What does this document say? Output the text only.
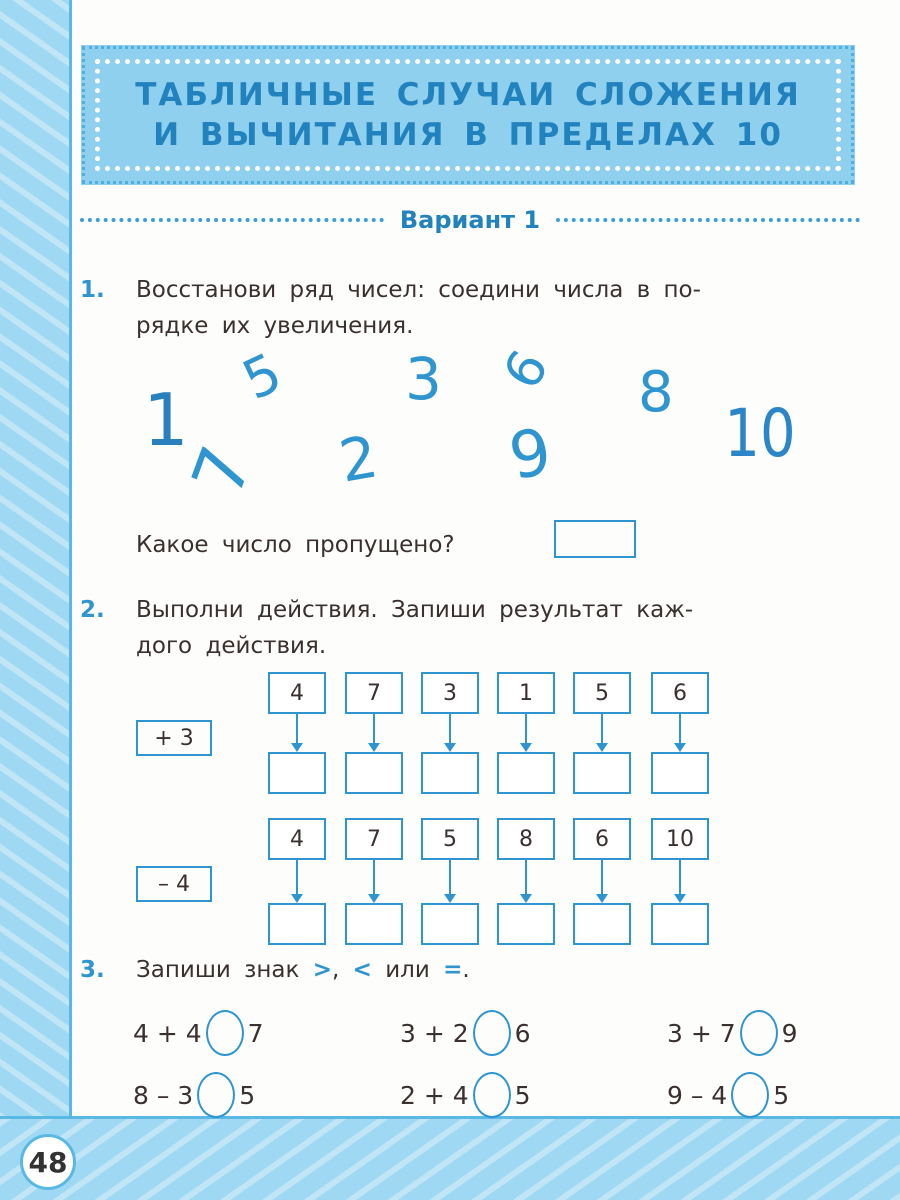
48
ТАБЛИЧНЫЕ СЛУЧАИ СЛОЖЕНИЯ
И ВЫЧИТАНИЯ В ПРЕДЕЛАХ 10
Вариант 1
1. Восстанови ряд чисел: соедини числа в по-
рядке их увеличения.
1
5 3 6 8
10
7 2 9
Какое число пропущено?
2. Выполни действия. Запиши результат каж-
дого действия.
+ 3
– 4
4	7	3	1	5	6
4	7	5	8	6	10
3. Запиши знак >, < или =.
4 + 4 7	3 + 2 6	3 + 7 9
8 – 3 5	2 + 4 5	9 – 4 5
